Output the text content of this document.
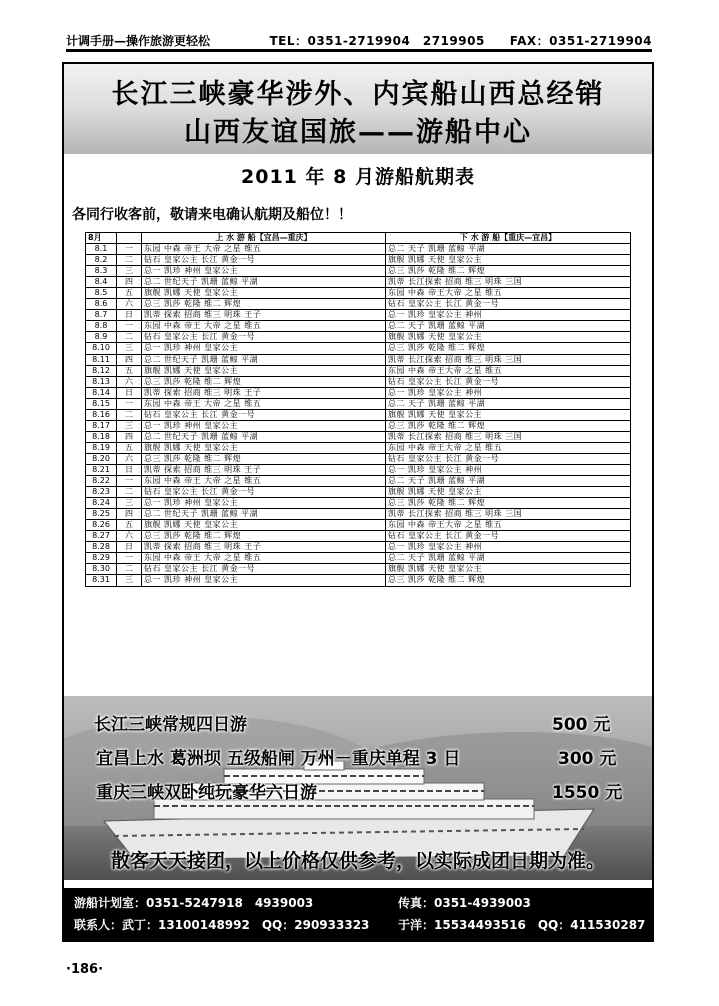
计调手册—操作旅游更轻松	TEL：0351-2719904　2719905　　FAX：0351-2719904
长江三峡豪华涉外、内宾船山西总经销
山西友谊国旅——游船中心
2011 年 8 月游船航期表
各同行收客前，敬请来电确认航期及船位！！
8月		上 水 游 船【宜昌—重庆】	下 水 游 船【重庆—宜昌】
8.1	一	东园 中森 帝王 大帝 之星 维五	总二 天子 凯珊 蓝鲸 平湖
8.2	二	钻石 皇家公主 长江 黄金一号	旗舰 凯娜 天使 皇家公主
8.3	三	总一 凯珍 神州 皇家公主	总三 凯莎 乾隆 维二 辉煌
8.4	四	总二 世纪天子 凯珊 蓝鲸 平湖	凯蒂 长江探索 招商 维三 明珠 三国
8.5	五	旗舰 凯娜 天使 皇家公主	东园 中森 帝王大帝 之星 维五
8.6	六	总三 凯莎 乾隆 维二 辉煌	钻石 皇家公主 长江 黄金一号
8.7	日	凯蒂 探索 招商 维三 明珠 王子	总一 凯珍 皇家公主 神州
8.8	一	东园 中森 帝王 大帝 之星 维五	总二 天子 凯珊 蓝鲸 平湖
8.9	二	钻石 皇家公主 长江 黄金一号	旗舰 凯娜 天使 皇家公主
8.10	三	总一 凯珍 神州 皇家公主	总三 凯莎 乾隆 维二 辉煌
8.11	四	总二 世纪天子 凯珊 蓝鲸 平湖	凯蒂 长江探索 招商 维三 明珠 三国
8.12	五	旗舰 凯娜 天使 皇家公主	东园 中森 帝王大帝 之星 维五
8.13	六	总三 凯莎 乾隆 维二 辉煌	钻石 皇家公主 长江 黄金一号
8.14	日	凯蒂 探索 招商 维三 明珠 王子	总一 凯珍 皇家公主 神州
8.15	一	东园 中森 帝王 大帝 之星 维五	总二 天子 凯珊 蓝鲸 平湖
8.16	二	钻石 皇家公主 长江 黄金一号	旗舰 凯娜 天使 皇家公主
8.17	三	总一 凯珍 神州 皇家公主	总三 凯莎 乾隆 维二 辉煌
8.18	四	总二 世纪天子 凯珊 蓝鲸 平湖	凯蒂 长江探索 招商 维三 明珠 三国
8.19	五	旗舰 凯娜 天使 皇家公主	东园 中森 帝王大帝 之星 维五
8.20	六	总三 凯莎 乾隆 维二 辉煌	钻石 皇家公主 长江 黄金一号
8.21	日	凯蒂 探索 招商 维三 明珠 王子	总一 凯珍 皇家公主 神州
8.22	一	东园 中森 帝王 大帝 之星 维五	总二 天子 凯珊 蓝鲸 平湖
8.23	二	钻石 皇家公主 长江 黄金一号	旗舰 凯娜 天使 皇家公主
8.24	三	总一 凯珍 神州 皇家公主	总三 凯莎 乾隆 维二 辉煌
8.25	四	总二 世纪天子 凯珊 蓝鲸 平湖	凯蒂 长江探索 招商 维三 明珠 三国
8.26	五	旗舰 凯娜 天使 皇家公主	东园 中森 帝王大帝 之星 维五
8.27	六	总三 凯莎 乾隆 维二 辉煌	钻石 皇家公主 长江 黄金一号
8.28	日	凯蒂 探索 招商 维三 明珠 王子	总一 凯珍 皇家公主 神州
8.29	一	东园 中森 帝王 大帝 之星 维五	总二 天子 凯珊 蓝鲸 平湖
8.30	二	钻石 皇家公主 长江 黄金一号	旗舰 凯娜 天使 皇家公主
8.31	三	总一 凯珍 神州 皇家公主	总三 凯莎 乾隆 维二 辉煌
长江三峡常规四日游	500 元
宜昌上水 葛洲坝 五级船闸 万州－重庆单程 3 日	300 元
重庆三峡双卧纯玩豪华六日游	1550 元
散客天天接团，以上价格仅供参考，以实际成团日期为准。
游船计划室：0351-5247918　4939003	传真：0351-4939003
联系人：武丁：13100148992　QQ：290933323 于洋：15534493516　QQ：411530287
·186·
